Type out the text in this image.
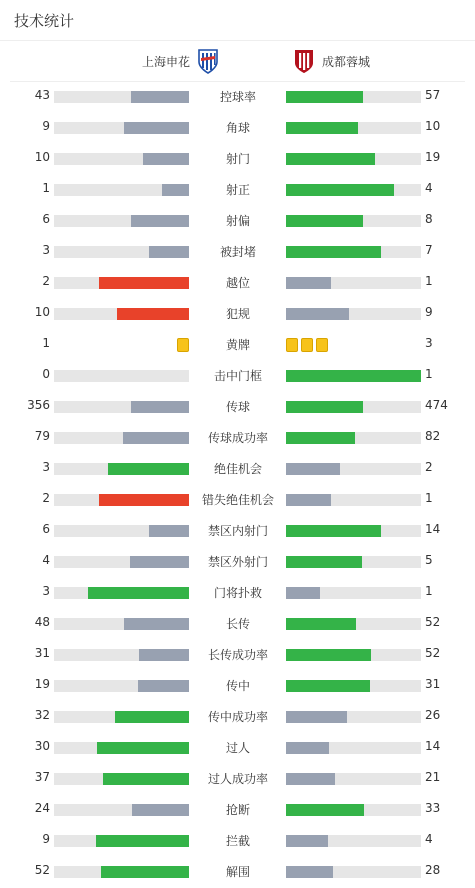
技术统计
上海申花	成都蓉城
43	控球率	57
9	角球	10
10	射门	19
1	射正	4
6	射偏	8
3	被封堵	7
2	越位	1
10	犯规	9
1	黄牌	3
0	击中门框	1
356	传球	474
79	传球成功率	82
3	绝佳机会	2
2	错失绝佳机会	1
6	禁区内射门	14
4	禁区外射门	5
3	门将扑救	1
48	长传	52
31	长传成功率	52
19	传中	31
32	传中成功率	26
30	过人	14
37	过人成功率	21
24	抢断	33
9	拦截	4
52	解围	28
